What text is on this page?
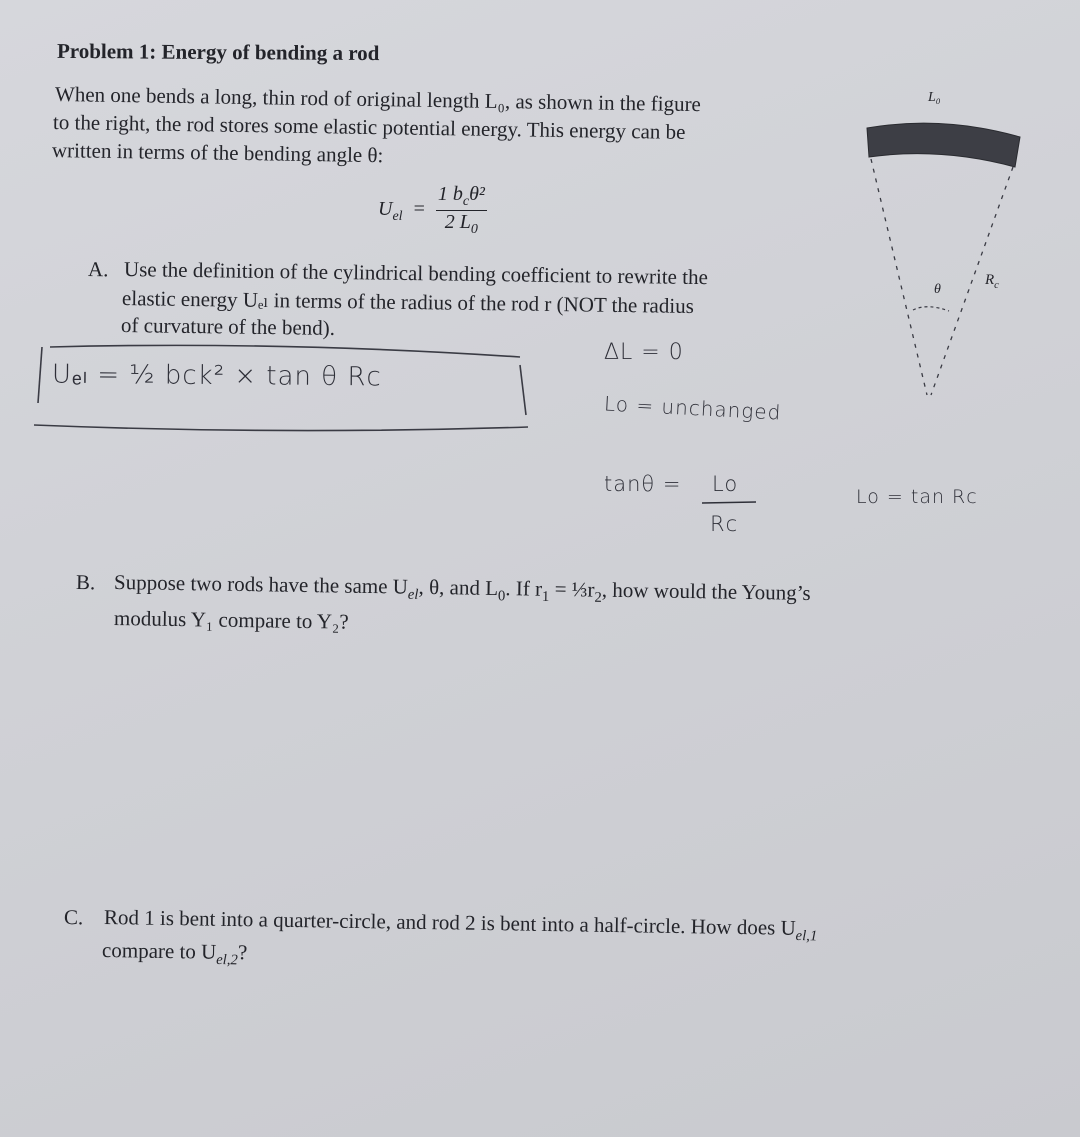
Problem 1: Energy of bending a rod
When one bends a long, thin rod of original length L₀, as shown in the figure
to the right, the rod stores some elastic potential energy. This energy can be
written in terms of the bending angle θ:
$U_{el} = \frac{1 b_c\theta^2}{2 L_0}$
A. Use the definition of the cylindrical bending coefficient to rewrite the
elastic energy Uₑₗ in terms of the radius of the rod r (NOT the radius
of curvature of the bend).
Uₑₗ = ½ bck² × tan θ Rc
ΔL = 0
Lo = unchanged
tanθ = Lo
Rc
Lo = tan Rc
L₀
θ
$R_c$
B. Suppose two rods have the same $U_{el}$, θ, and $L_0$. If $r_1$ = $\frac{1}{3}r_2$, how would the Young’s
modulus Y₁ compare to Y₂?
C. Rod 1 is bent into a quarter-circle, and rod 2 is bent into a half-circle. How does $U_{el,1}$
compare to $U_{el,2}$?
